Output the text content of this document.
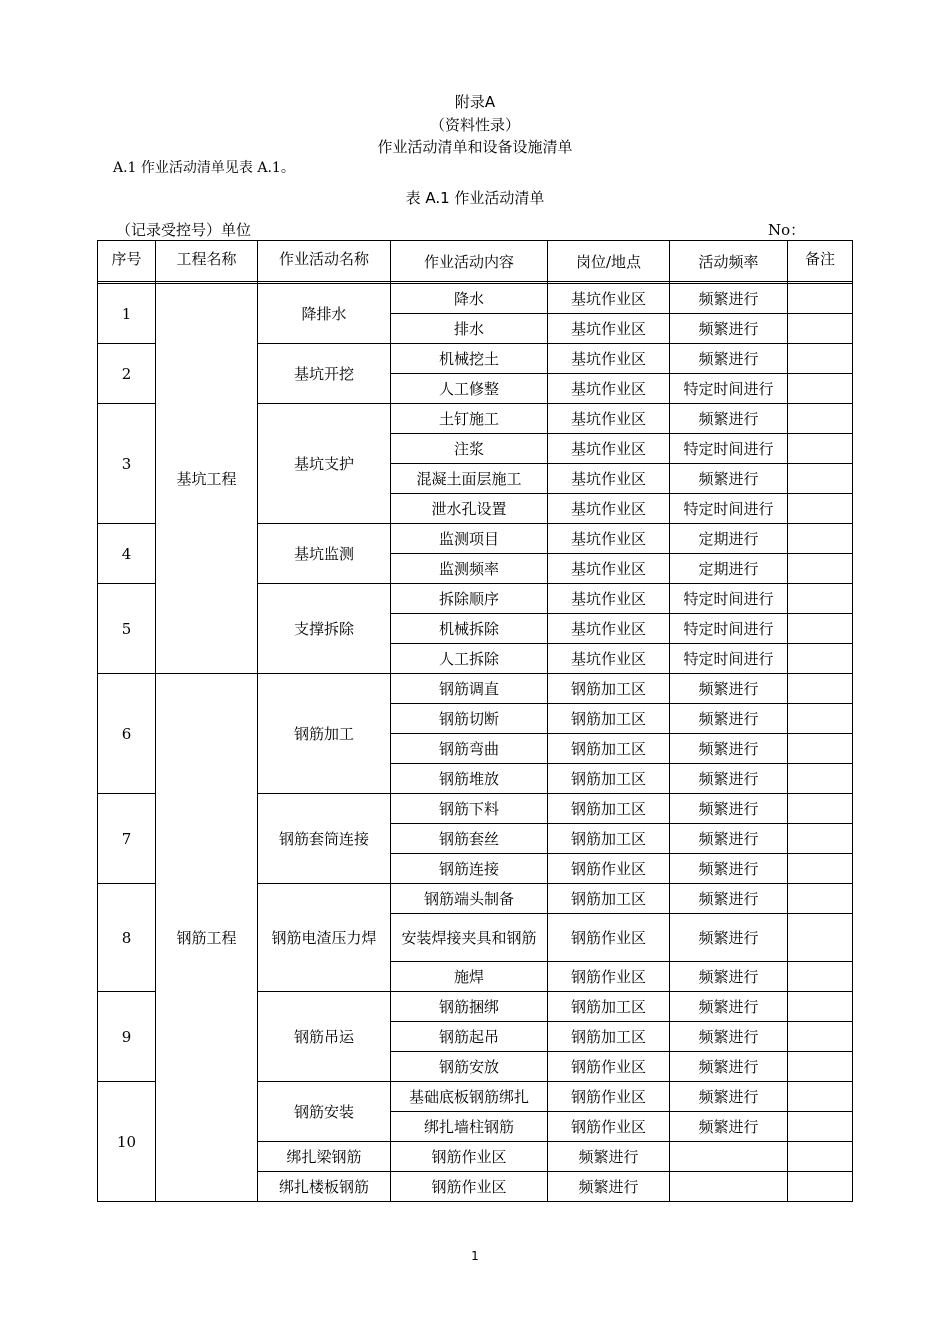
附录A
（资料性录）
作业活动清单和设备设施清单
A.1 作业活动清单见表 A.1。
表 A.1 作业活动清单
（记录受控号）单位	No：
序号	工程名称	作业活动名称	作业活动内容	岗位/地点	活动频率	备注

1	基坑工程	降排水	降水	基坑作业区	频繁进行	
			排水	基坑作业区	频繁进行	
2		基坑开挖	机械挖土	基坑作业区	频繁进行	
			人工修整	基坑作业区	特定时间进行	
3		基坑支护	土钉施工	基坑作业区	频繁进行	
			注浆	基坑作业区	特定时间进行	
			混凝土面层施工	基坑作业区	频繁进行	
			泄水孔设置	基坑作业区	特定时间进行	
4		基坑监测	监测项目	基坑作业区	定期进行	
			监测频率	基坑作业区	定期进行	
5		支撑拆除	拆除顺序	基坑作业区	特定时间进行	
			机械拆除	基坑作业区	特定时间进行	
			人工拆除	基坑作业区	特定时间进行	
6	钢筋工程	钢筋加工	钢筋调直	钢筋加工区	频繁进行	
			钢筋切断	钢筋加工区	频繁进行	
			钢筋弯曲	钢筋加工区	频繁进行	
			钢筋堆放	钢筋加工区	频繁进行	
7		钢筋套筒连接	钢筋下料	钢筋加工区	频繁进行	
			钢筋套丝	钢筋加工区	频繁进行	
			钢筋连接	钢筋作业区	频繁进行	
8		钢筋电渣压力焊	钢筋端头制备	钢筋加工区	频繁进行	
			安装焊接夹具和钢筋	钢筋作业区	频繁进行	
			施焊	钢筋作业区	频繁进行	
9		钢筋吊运	钢筋捆绑	钢筋加工区	频繁进行	
			钢筋起吊	钢筋加工区	频繁进行	
			钢筋安放	钢筋作业区	频繁进行	
10		钢筋安装	基础底板钢筋绑扎	钢筋作业区	频繁进行	
			绑扎墙柱钢筋	钢筋作业区	频繁进行	
		绑扎梁钢筋	钢筋作业区	频繁进行		
		绑扎楼板钢筋	钢筋作业区	频繁进行		
1
